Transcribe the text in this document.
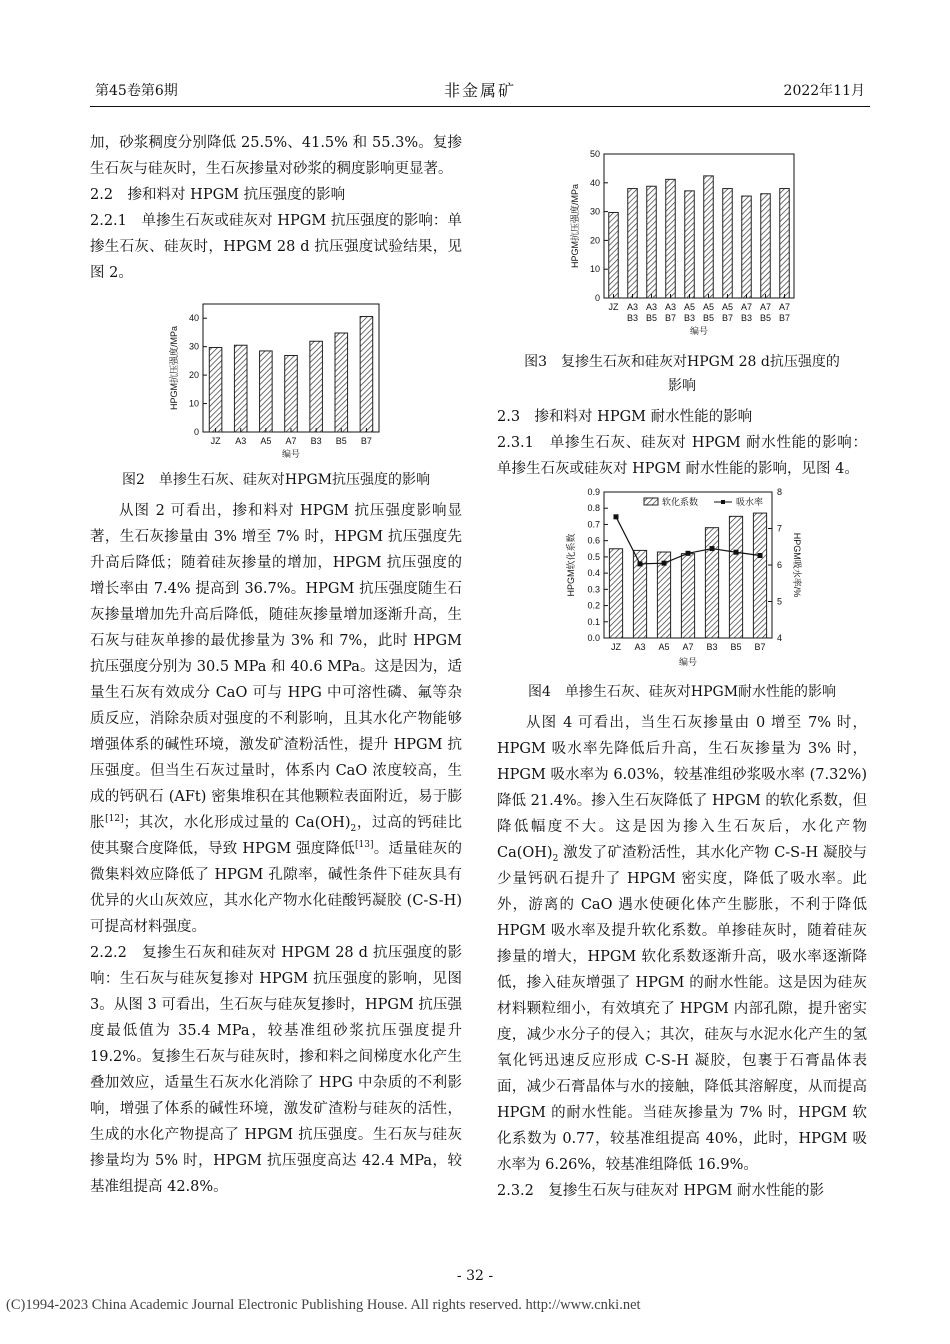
第45卷第6期	非金属矿	2022年11月

加，砂浆稠度分别降低 25.5%、41.5% 和 55.3%。复掺生石灰与硅灰时，生石灰掺量对砂浆的稠度影响更显著。

2.2　掺和料对 HPGM 抗压强度的影响

2.2.1　单掺生石灰或硅灰对 HPGM 抗压强度的影响：单掺生石灰、硅灰时，HPGM 28 d 抗压强度试验结果，见图 2。

0
10
20
30
40
JZ A3 A5 A7 B3 B5 B7
编号
HPGM抗压强度/MPa
图2　单掺生石灰、硅灰对HPGM抗压强度的影响

从图 2 可看出，掺和料对 HPGM 抗压强度影响显著，生石灰掺量由 3% 增至 7% 时，HPGM 抗压强度先升高后降低；随着硅灰掺量的增加，HPGM 抗压强度的增长率由 7.4% 提高到 36.7%。HPGM 抗压强度随生石灰掺量增加先升高后降低，随硅灰掺量增加逐渐升高，生石灰与硅灰单掺的最优掺量为 3% 和 7%，此时 HPGM 抗压强度分别为 30.5 MPa 和 40.6 MPa。这是因为，适量生石灰有效成分 CaO 可与 HPG 中可溶性磷、氟等杂质反应，消除杂质对强度的不利影响，且其水化产物能够增强体系的碱性环境，激发矿渣粉活性，提升 HPGM 抗压强度。但当生石灰过量时，体系内 CaO 浓度较高，生成的钙矾石 (AFt) 密集堆积在其他颗粒表面附近，易于膨胀[12]；其次，水化形成过量的 $Ca(OH)_2$，过高的钙硅比使其聚合度降低，导致 HPGM 强度降低[13]。适量硅灰的微集料效应降低了 HPGM 孔隙率，碱性条件下硅灰具有优异的火山灰效应，其水化产物水化硅酸钙凝胶 (C-S-H) 可提高材料强度。

2.2.2　复掺生石灰和硅灰对 HPGM 28 d 抗压强度的影响：生石灰与硅灰复掺对 HPGM 抗压强度的影响，见图 3。从图 3 可看出，生石灰与硅灰复掺时，HPGM 抗压强度最低值为 35.4 MPa，较基准组砂浆抗压强度提升 19.2%。复掺生石灰与硅灰时，掺和料之间梯度水化产生叠加效应，适量生石灰水化消除了 HPG 中杂质的不利影响，增强了体系的碱性环境，激发矿渣粉与硅灰的活性，生成的水化产物提高了 HPGM 抗压强度。生石灰与硅灰掺量均为 5% 时，HPGM 抗压强度高达 42.4 MPa，较基准组提高 42.8%。

0
10
20
30
40
50
JZ A3
B3
A3
B5
A3
B7
A5
B3
A5
B5
A5
B7
A7
B3
A7
B5
A7
B7
编号
HPGM抗压强度/MPa
图3　复掺生石灰和硅灰对HPGM 28 d抗压强度的
影响
2.3　掺和料对 HPGM 耐水性能的影响

2.3.1　单掺生石灰、硅灰对 HPGM 耐水性能的影响：单掺生石灰或硅灰对 HPGM 耐水性能的影响，见图 4。

0.0
0.1
0.2
0.3
0.4
0.5
0.6
0.7
0.8
0.9
4
5
6
7
8
JZ A3 A5 A7 B3 B5 B7
软化系数	吸水率
编号
HPGM软化系数	HPGM吸水率/%
图4　单掺生石灰、硅灰对HPGM耐水性能的影响

从图 4 可看出，当生石灰掺量由 0 增至 7% 时，HPGM 吸水率先降低后升高，生石灰掺量为 3% 时，HPGM 吸水率为 6.03%，较基准组砂浆吸水率 (7.32%) 降低 21.4%。掺入生石灰降低了 HPGM 的软化系数，但降低幅度不大。这是因为掺入生石灰后，水化产物 $Ca(OH)_2$ 激发了矿渣粉活性，其水化产物 C-S-H 凝胶与少量钙矾石提升了 HPGM 密实度，降低了吸水率。此外，游离的 CaO 遇水使硬化体产生膨胀，不利于降低 HPGM 吸水率及提升软化系数。单掺硅灰时，随着硅灰掺量的增大，HPGM 软化系数逐渐升高，吸水率逐渐降低，掺入硅灰增强了 HPGM 的耐水性能。这是因为硅灰材料颗粒细小，有效填充了 HPGM 内部孔隙，提升密实度，减少水分子的侵入；其次，硅灰与水泥水化产生的氢氧化钙迅速反应形成 C-S-H 凝胶，包裹于石膏晶体表面，减少石膏晶体与水的接触，降低其溶解度，从而提高 HPGM 的耐水性能。当硅灰掺量为 7% 时，HPGM 软化系数为 0.77，较基准组提高 40%，此时，HPGM 吸水率为 6.26%，较基准组降低 16.9%。

2.3.2　复掺生石灰与硅灰对 HPGM 耐水性能的影

- 32 -
(C)1994-2023 China Academic Journal Electronic Publishing House. All rights reserved. http://www.cnki.net
